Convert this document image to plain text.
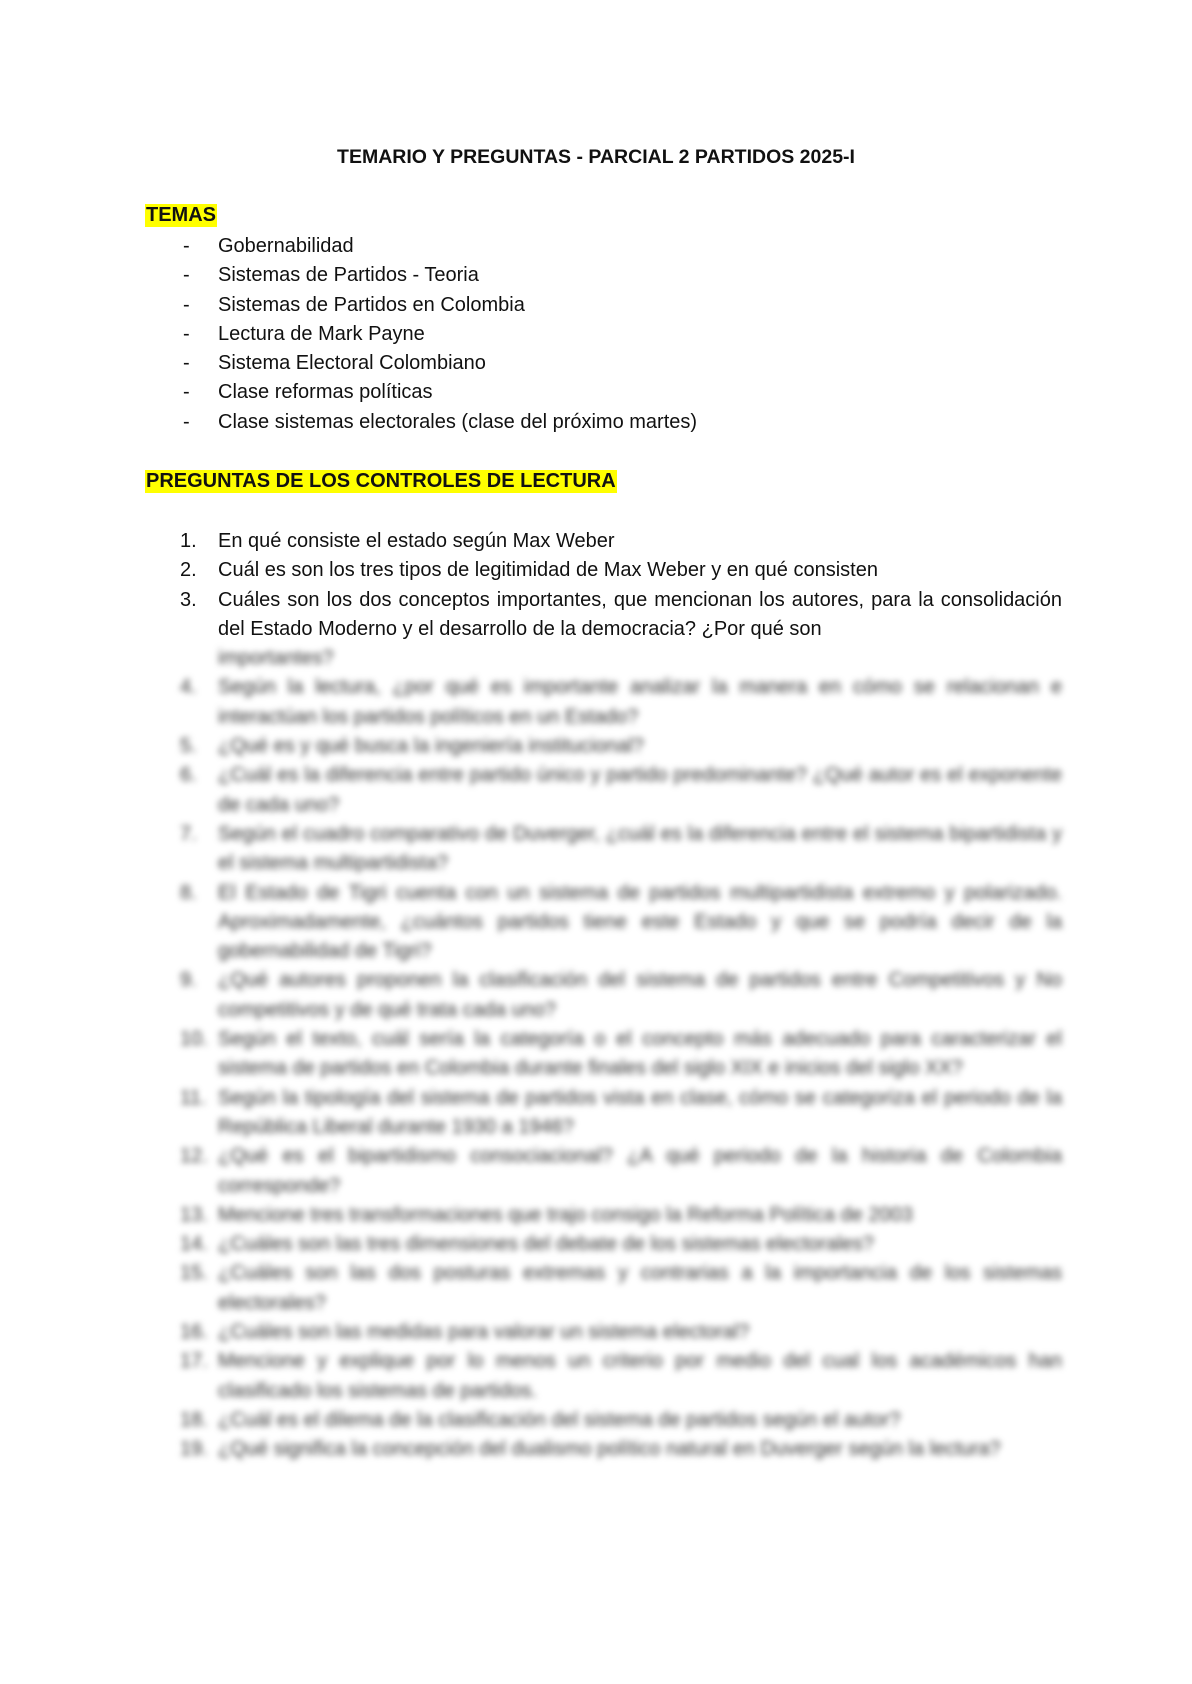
TEMARIO Y PREGUNTAS - PARCIAL 2 PARTIDOS 2025-I
TEMAS
- Gobernabilidad
- Sistemas de Partidos - Teoria
- Sistemas de Partidos en Colombia
- Lectura de Mark Payne
- Sistema Electoral Colombiano
- Clase reformas políticas
- Clase sistemas electorales (clase del próximo martes)
PREGUNTAS DE LOS CONTROLES DE LECTURA
1.	En qué consiste el estado según Max Weber
2.	Cuál es son los tres tipos de legitimidad de Max Weber y en qué consisten
3.	Cuáles son los dos conceptos importantes, que mencionan los autores, para la consolidación del Estado Moderno y el desarrollo de la democracia? ¿Por qué son
importantes?
4.	Según la lectura, ¿por qué es importante analizar la manera en cómo se relacionan e interactúan los partidos políticos en un Estado?
5.	¿Qué es y qué busca la ingeniería institucional?
6.	¿Cuál es la diferencia entre partido único y partido predominante? ¿Qué autor es el exponente de cada uno?
7.	Según el cuadro comparativo de Duverger, ¿cuál es la diferencia entre el sistema bipartidista y el sistema multipartidista?
8.	El Estado de Tigri cuenta con un sistema de partidos multipartidista extremo y polarizado. Aproximadamente, ¿cuántos partidos tiene este Estado y que se podría decir de la gobernabilidad de Tigri?
9.	¿Qué autores proponen la clasificación del sistema de partidos entre Competitivos y No competitivos y de qué trata cada uno?
10. Según el texto, cuál sería la categoría o el concepto más adecuado para caracterizar el sistema de partidos en Colombia durante finales del siglo XIX e inicios del siglo XX?
11. Según la tipología del sistema de partidos vista en clase, cómo se categoriza el periodo de la República Liberal durante 1930 a 1946?
12. ¿Qué es el bipartidismo consociacional? ¿A qué periodo de la historia de Colombia corresponde?
13. Mencione tres transformaciones que trajo consigo la Reforma Política de 2003
14. ¿Cuáles son las tres dimensiones del debate de los sistemas electorales?
15. ¿Cuáles son las dos posturas extremas y contrarias a la importancia de los sistemas electorales?
16. ¿Cuáles son las medidas para valorar un sistema electoral?
17. Mencione y explique por lo menos un criterio por medio del cual los académicos han clasificado los sistemas de partidos.
18. ¿Cuál es el dilema de la clasificación del sistema de partidos según el autor?
19. ¿Qué significa la concepción del dualismo político natural en Duverger según la lectura?
